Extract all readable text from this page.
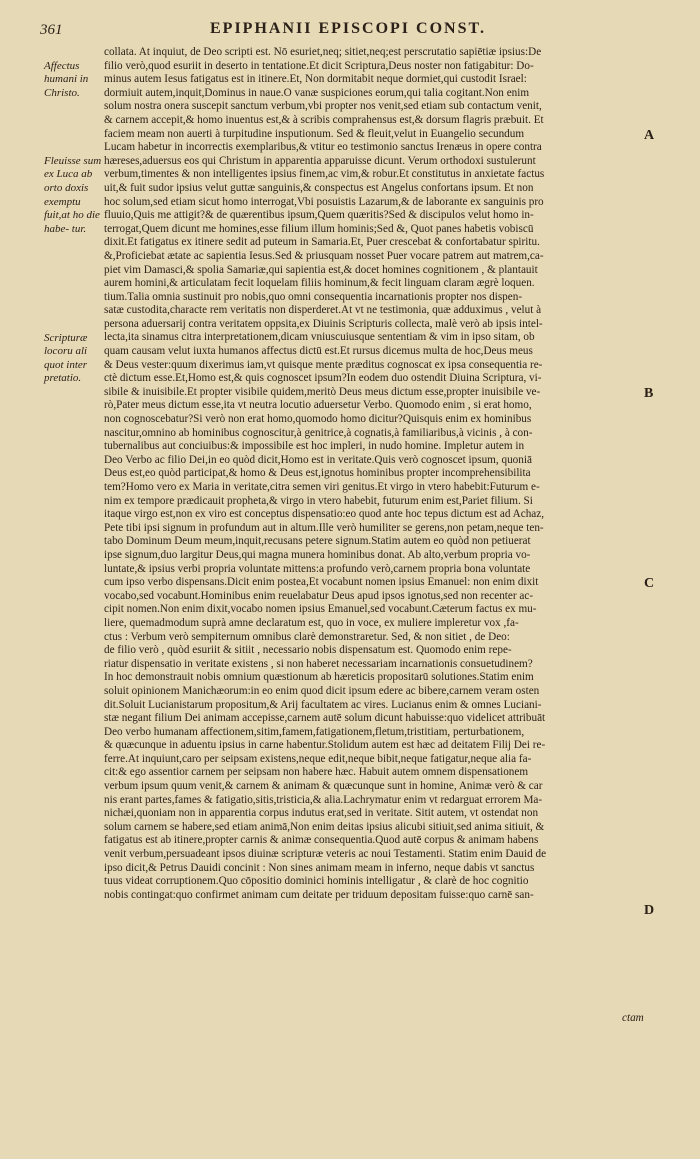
361	EPIPHANII EPISCOPI CONST.
collata. At inquiut, de Deo scripti est. Nō esuriet,neq; sitiet,neq;est perscrutatio sapiētiæ ipsius:De
filio verò,quod esuriit in deserto in tentatione.Et dicit Scriptura,Deus noster non fatigabitur: Do-
minus autem Iesus fatigatus est in itinere.Et, Non dormitabit neque dormiet,qui custodit Israel:
dormiuit autem,inquit,Dominus in naue.O vanæ suspiciones eorum,qui talia cogitant.Non enim
solum nostra onera suscepit sanctum verbum,vbi propter nos venit,sed etiam sub contactum venit,
& carnem accepit,& homo inuentus est,& à scribis comprahensus est,& dorsum flagris præbuit. Et
faciem meam non auerti à turpitudine insputionum. Sed & fleuit,velut in Euangelio secundum
Lucam habetur in incorrectis exemplaribus,& vtitur eo testimonio sanctus Irenæus in opere contra
hæreses,aduersus eos qui Christum in apparentia apparuisse dicunt. Verum orthodoxi sustulerunt
verbum,timentes & non intelligentes ipsius finem,ac vim,& robur.Et constitutus in anxietate factus
uit,& fuit sudor ipsius velut guttæ sanguinis,& conspectus est Angelus confortans ipsum. Et non
hoc solum,sed etiam sicut homo interrogat,Vbi posuistis Lazarum,& de laborante ex sanguinis pro
fluuio,Quis me attigit?& de quærentibus ipsum,Quem quæritis?Sed & discipulos velut homo in-
terrogat,Quem dicunt me homines,esse filium illum hominis;Sed &, Quot panes habetis vobiscū
dixit.Et fatigatus ex itinere sedit ad puteum in Samaria.Et, Puer crescebat & confortabatur spiritu.
&,Proficiebat ætate ac sapientia Iesus.Sed & priusquam nosset Puer vocare patrem aut matrem,ca-
piet vim Damasci,& spolia Samariæ,qui sapientia est,& docet homines cognitionem , & plantauit
aurem homini,& articulatam fecit loquelam filiis hominum,& fecit linguam claram ægrè loquen.
tium.Talia omnia sustinuit pro nobis,quo omni consequentia incarnationis propter nos dispen-
satæ custodita,characte rem veritatis non disperderet.At vt ne testimonia, quæ adduximus , velut à
persona aduersarij contra veritatem oppsita,ex Diuinis Scripturis collecta, malè verò ab ipsis intel-
lecta,ita sinamus citra interpretationem,dicam vniuscuiusque sententiam & vim in ipso sitam, ob
quam causam velut iuxta humanos affectus dictū est.Et rursus dicemus multa de hoc,Deus meus
& Deus vester:quum dixerimus iam,vt quisque mente præditus cognoscat ex ipsa consequentia re-
ctè dictum esse.Et,Homo est,& quis cognoscet ipsum?In eodem duo ostendit Diuina Scriptura, vi-
sibile & inuisibile.Et propter visibile quidem,meritò Deus meus dictum esse,propter inuisibile ve-
rò,Pater meus dictum esse,ita vt neutra locutio aduersetur Verbo. Quomodo enim , si erat homo,
non cognoscebatur?Si verò non erat homo,quomodo homo dicitur?Quisquis enim ex hominibus
nascitur,omnino ab hominibus cognoscitur,à genitrice,à cognatis,à familiaribus,à vicinis , à con-
tubernalibus aut conciuibus:& impossibile est hoc impleri, in nudo homine. Impletur autem in
Deo Verbo ac filio Dei,in eo quòd dicit,Homo est in veritate.Quis verò cognoscet ipsum, quoniā
Deus est,eo quòd participat,& homo & Deus est,ignotus hominibus propter incomprehensibilita
tem?Homo vero ex Maria in veritate,citra semen viri genitus.Et virgo in vtero habebit:Futurum e-
nim ex tempore prædicauit propheta,& virgo in vtero habebit, futurum enim est,Pariet filium. Si
itaque virgo est,non ex viro est conceptus dispensatio:eo quod ante hoc tepus dictum est ad Achaz,
Pete tibi ipsi signum in profundum aut in altum.Ille verò humiliter se gerens,non petam,neque ten-
tabo Dominum Deum meum,inquit,recusans petere signum.Statim autem eo quòd non petiuerat
ipse signum,duo largitur Deus,qui magna munera hominibus donat. Ab alto,verbum propria vo-
luntate,& ipsius verbi propria voluntate mittens:a profundo verò,carnem propria bona voluntate
cum ipso verbo dispensans.Dicit enim postea,Et vocabunt nomen ipsius Emanuel: non enim dixit
vocabo,sed vocabunt.Hominibus enim reuelabatur Deus apud ipsos ignotus,sed non recenter ac-
cipit nomen.Non enim dixit,vocabo nomen ipsius Emanuel,sed vocabunt.Cæterum factus ex mu-
liere, quemadmodum suprà amne declaratum est, quo in voce, ex muliere impleretur vox ,fa-
ctus : Verbum verò sempiternum omnibus clarè demonstraretur. Sed, & non sitiet , de Deo:
de filio verò , quòd esuriit & sitiit , necessario nobis dispensatum est. Quomodo enim repe-
riatur dispensatio in veritate existens , si non haberet necessariam incarnationis consuetudinem?
In hoc demonstrauit nobis omnium quæstionum ab hæreticis propositarū solutiones.Statim enim
soluit opinionem Manichæorum:in eo enim quod dicit ipsum edere ac bibere,carnem veram osten
dit.Soluit Lucianistarum propositum,& Arij facultatem ac vires. Lucianus enim & omnes Luciani-
stæ negant filium Dei animam accepisse,carnem autē solum dicunt habuisse:quo videlicet attribuāt
Deo verbo humanam affectionem,sitim,famem,fatigationem,fletum,tristitiam, perturbationem,
& quæcunque in aduentu ipsius in carne habentur.Stolidum autem est hæc ad deitatem Filij Dei re-
ferre.At inquiunt,caro per seipsam existens,neque edit,neque bibit,neque fatigatur,neque alia fa-
cit:& ego assentior carnem per seipsam non habere hæc. Habuit autem omnem dispensationem
verbum ipsum quum venit,& carnem & animam & quæcunque sunt in homine, Animæ verò & car
nis erant partes,fames & fatigatio,sitis,tristicia,& alia.Lachrymatur enim vt redarguat errorem Ma-
nichæi,quoniam non in apparentia corpus indutus erat,sed in veritate. Sitit autem, vt ostendat non
solum carnem se habere,sed etiam animā,Non enim deitas ipsius alicubi sitiuit,sed anima sitiuit, &
fatigatus est ab itinere,propter carnis & animæ consequentia.Quod autē corpus & animam habens
venit verbum,persuadeant ipsos diuinæ scripturæ veteris ac noui Testamenti. Statim enim Dauid de
ipso dicit,& Petrus Dauidi concinit : Non sines animam meam in inferno, neque dabis vt sanctus
tuus videat corruptionem.Quo cōpositio dominici hominis intelligatur , & clarè de hoc cognitio
nobis contingat:quo confirmet animam cum deitate per triduum depositam fuisse:quo carnē san-
Affectus humani in Christo.
Fleuisse sum ex Luca ab orto doxis exemptu fuit,at ho die habe- tur.
Scripturæ locoru ali quot inter pretatio.
A
B
C
D
ctam
